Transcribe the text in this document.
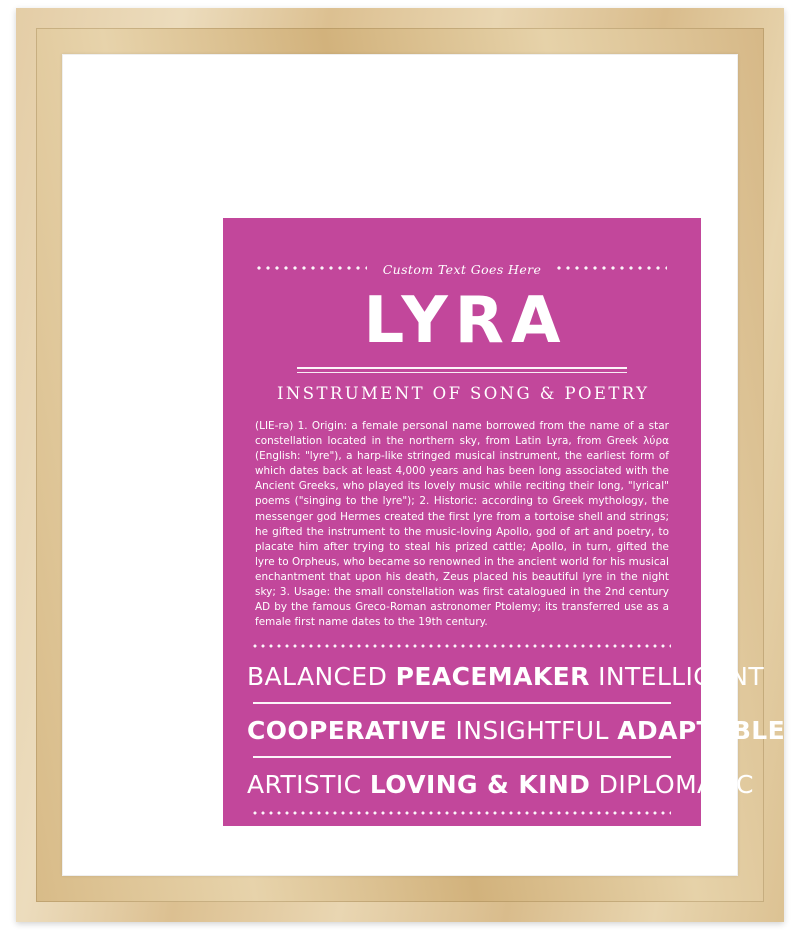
Custom Text Goes Here
LYRA
INSTRUMENT OF SONG & POETRY
(LIE-rə) 1. Origin: a female personal name borrowed from the name of a star constellation located in the northern sky, from Latin Lyra, from Greek λύρα (English: "lyre"), a harp-like stringed musical instrument, the earliest form of which dates back at least 4,000 years and has been long associated with the Ancient Greeks, who played its lovely music while reciting their long, "lyrical" poems ("singing to the lyre"); 2. Historic: according to Greek mythology, the messenger god Hermes created the first lyre from a tortoise shell and strings; he gifted the instrument to the music-loving Apollo, god of art and poetry, to placate him after trying to steal his prized cattle; Apollo, in turn, gifted the lyre to Orpheus, who became so renowned in the ancient world for his musical enchantment that upon his death, Zeus placed his beautiful lyre in the night sky; 3. Usage: the small constellation was first catalogued in the 2nd century AD by the famous Greco-Roman astronomer Ptolemy; its transferred use as a female first name dates to the 19th century.
BALANCED PEACEMAKER INTELLIGENT
COOPERATIVE INSIGHTFUL ADAPTABLE
ARTISTIC LOVING & KIND DIPLOMATIC
